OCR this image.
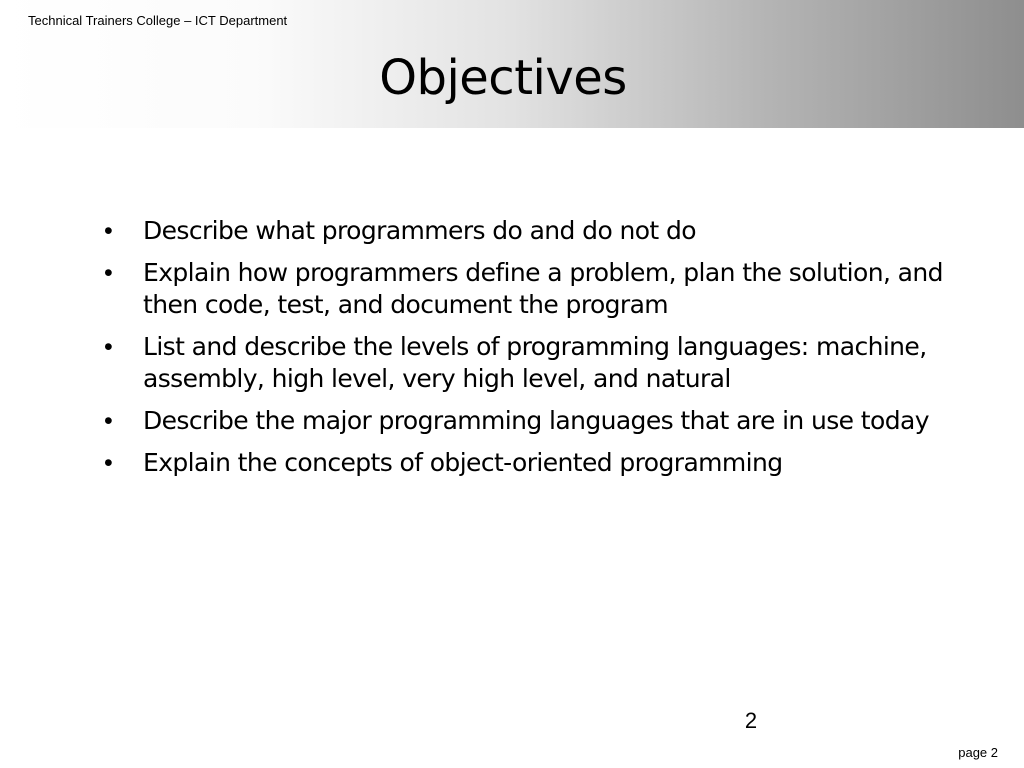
Technical Trainers College – ICT Department
Objectives
• Describe what programmers do and do not do
• Explain how programmers define a problem, plan the solution, and then code, test, and document the program
• List and describe the levels of programming languages: machine, assembly, high level, very high level, and natural
• Describe the major programming languages that are in use today
• Explain the concepts of object-oriented programming
2
page 2
